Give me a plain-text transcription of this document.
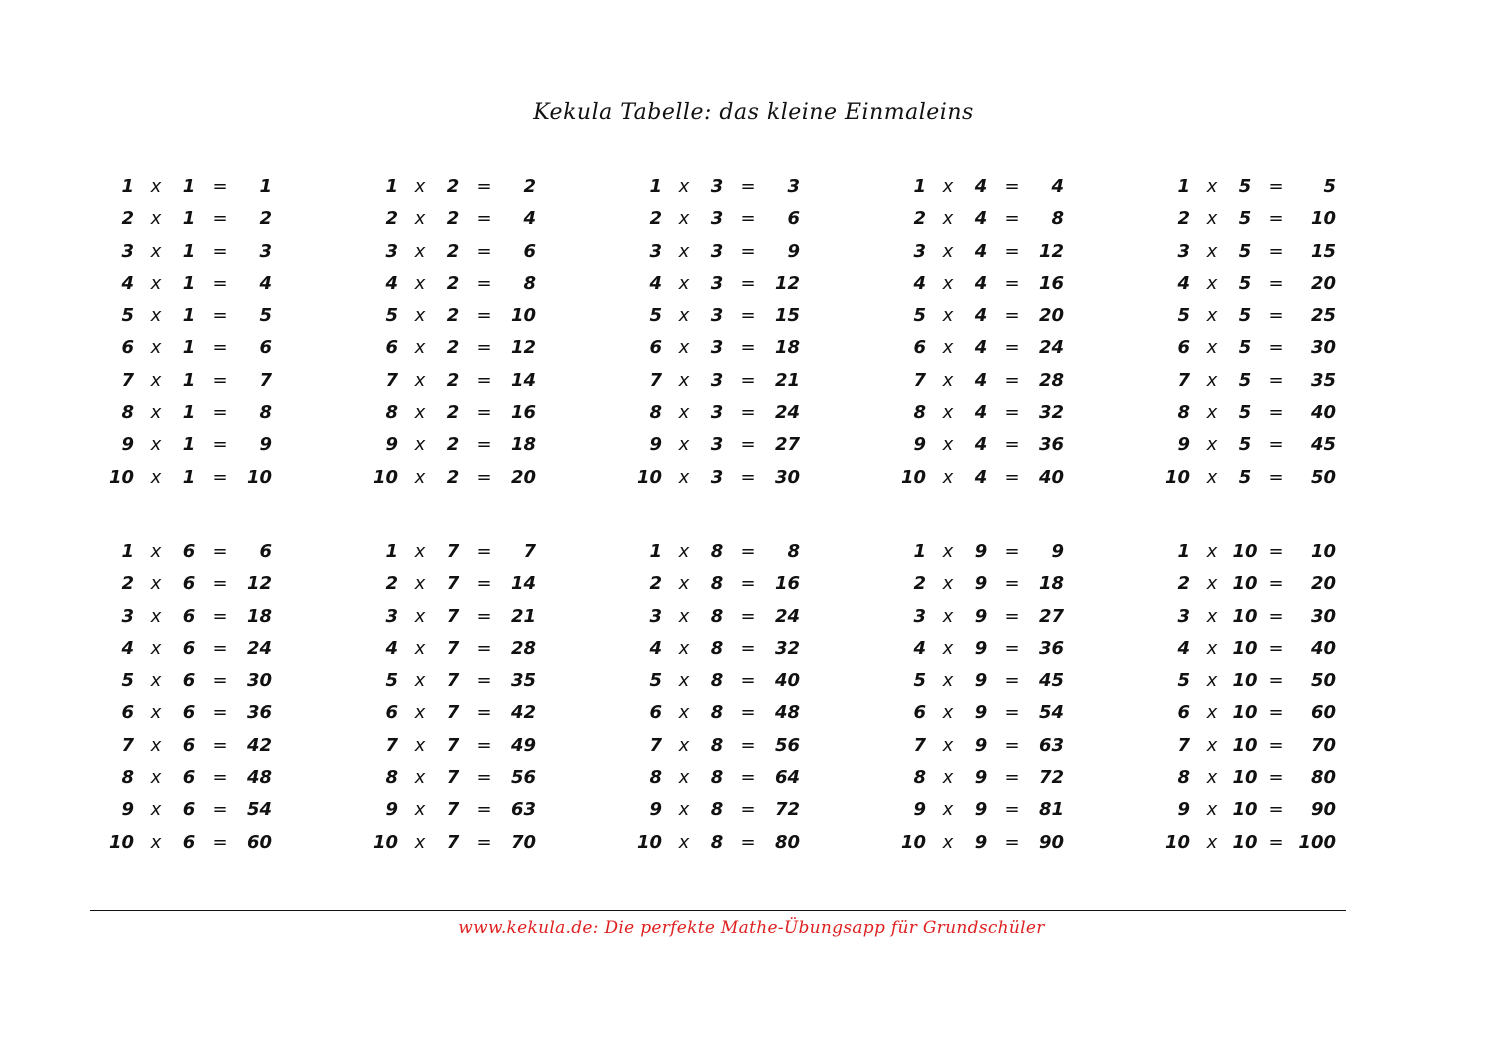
Kekula Tabelle: das kleine Einmaleins
1 x	1 =	1
2 x	1 =	2
3 x	1 =	3
4 x	1 =	4
5 x	1 =	5
6 x	1 =	6
7 x	1 =	7
8 x	1 =	8
9 x	1 =	9
10 x	1 =	10
1 x	2 =	2
2 x	2 =	4
3 x	2 =	6
4 x	2 =	8
5 x	2 =	10
6 x	2 =	12
7 x	2 =	14
8 x	2 =	16
9 x	2 =	18
10 x	2 =	20
1 x	3 =	3
2 x	3 =	6
3 x	3 =	9
4 x	3 =	12
5 x	3 =	15
6 x	3 =	18
7 x	3 =	21
8 x	3 =	24
9 x	3 =	27
10 x	3 =	30
1 x	4 =	4
2 x	4 =	8
3 x	4 =	12
4 x	4 =	16
5 x	4 =	20
6 x	4 =	24
7 x	4 =	28
8 x	4 =	32
9 x	4 =	36
10 x	4 =	40
1 x	5 =	5
2 x	5 =	10
3 x	5 =	15
4 x	5 =	20
5 x	5 =	25
6 x	5 =	30
7 x	5 =	35
8 x	5 =	40
9 x	5 =	45
10 x	5 =	50
1 x	6 =	6
2 x	6 =	12
3 x	6 =	18
4 x	6 =	24
5 x	6 =	30
6 x	6 =	36
7 x	6 =	42
8 x	6 =	48
9 x	6 =	54
10 x	6 =	60
1 x	7 =	7
2 x	7 =	14
3 x	7 =	21
4 x	7 =	28
5 x	7 =	35
6 x	7 =	42
7 x	7 =	49
8 x	7 =	56
9 x	7 =	63
10 x	7 =	70
1 x	8 =	8
2 x	8 =	16
3 x	8 =	24
4 x	8 =	32
5 x	8 =	40
6 x	8 =	48
7 x	8 =	56
8 x	8 =	64
9 x	8 =	72
10 x	8 =	80
1 x	9 =	9
2 x	9 =	18
3 x	9 =	27
4 x	9 =	36
5 x	9 =	45
6 x	9 =	54
7 x	9 =	63
8 x	9 =	72
9 x	9 =	81
10 x	9 =	90
1 x 10 =	10
2 x 10 =	20
3 x 10 =	30
4 x 10 =	40
5 x 10 =	50
6 x 10 =	60
7 x 10 =	70
8 x 10 =	80
9 x 10 =	90
10 x 10 = 100
www.kekula.de: Die perfekte Mathe-Übungsapp für Grundschüler
